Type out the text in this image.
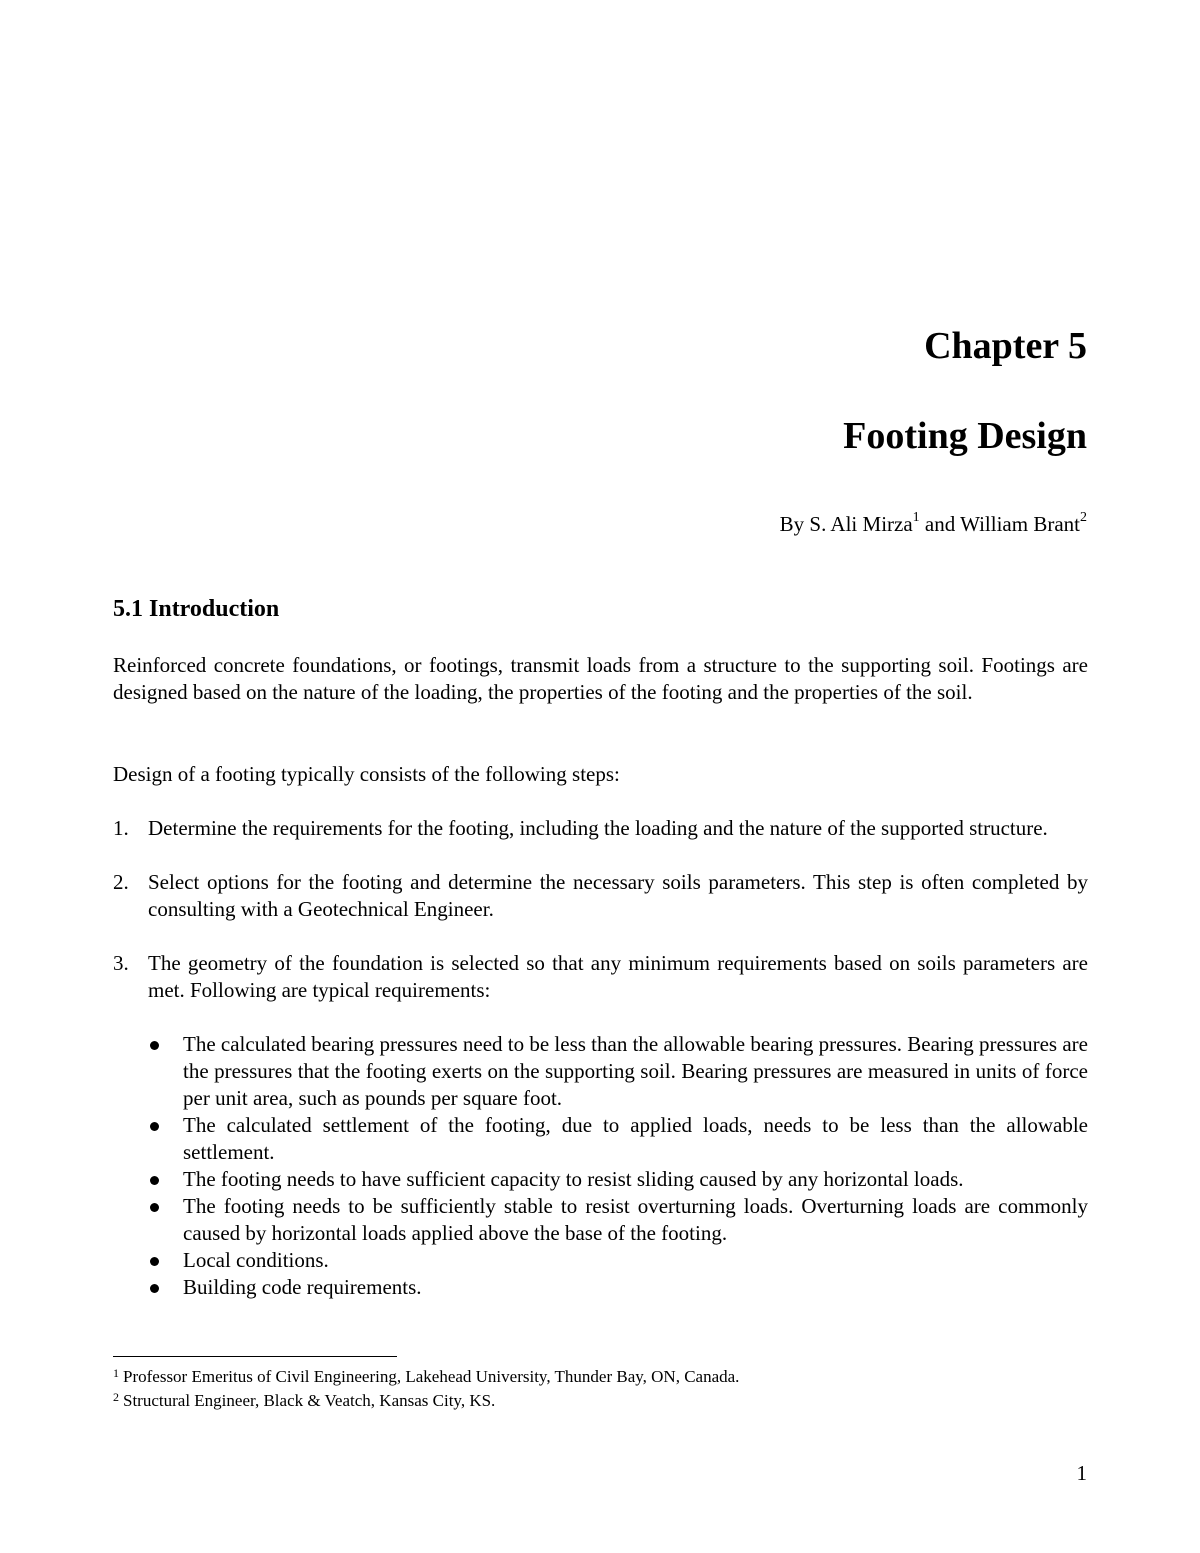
Chapter 5
Footing Design
By S. Ali Mirza$^1$ and William Brant$^2$
5.1 Introduction

Reinforced concrete foundations, or footings, transmit loads from a structure to the supporting soil. Footings are designed based on the nature of the loading, the properties of the footing and the properties of the soil.

Design of a footing typically consists of the following steps:

1. Determine the requirements for the footing, including the loading and the nature of the supported structure.
2. Select options for the footing and determine the necessary soils parameters. This step is often completed by consulting with a Geotechnical Engineer.
3. The geometry of the foundation is selected so that any minimum requirements based on soils parameters are met. Following are typical requirements:
The calculated bearing pressures need to be less than the allowable bearing pressures. Bearing pressures are the pressures that the footing exerts on the supporting soil. Bearing pressures are measured in units of force per unit area, such as pounds per square foot.
The calculated settlement of the footing, due to applied loads, needs to be less than the allowable settlement.
The footing needs to have sufficient capacity to resist sliding caused by any horizontal loads.
The footing needs to be sufficiently stable to resist overturning loads. Overturning loads are commonly caused by horizontal loads applied above the base of the footing.
Local conditions.
Building code requirements.
$^1$ Professor Emeritus of Civil Engineering, Lakehead University, Thunder Bay, ON, Canada.
$^2$ Structural Engineer, Black & Veatch, Kansas City, KS.
1
